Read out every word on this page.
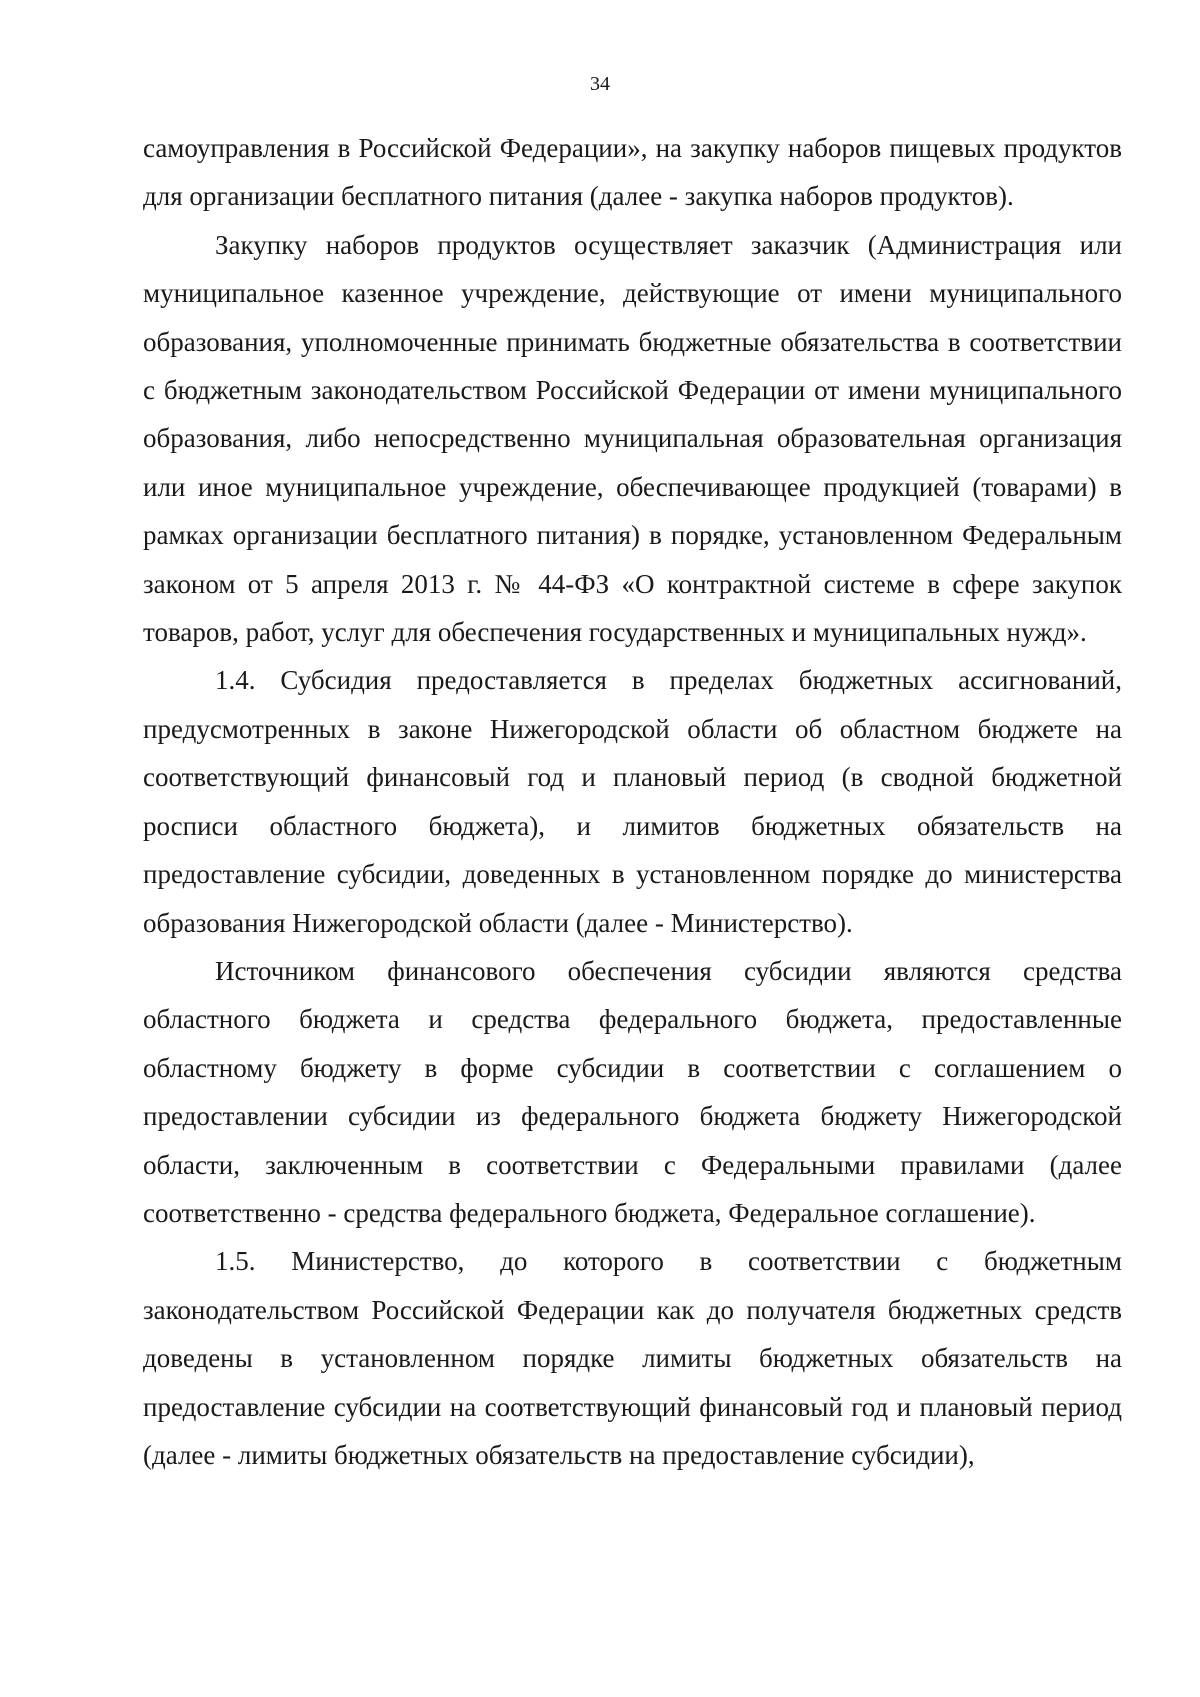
34

самоуправления в Российской Федерации», на закупку наборов пищевых продуктов для организации бесплатного питания (далее - закупка наборов продуктов).

Закупку наборов продуктов осуществляет заказчик (Администрация или муниципальное казенное учреждение, действующие от имени муниципального образования, уполномоченные принимать бюджетные обязательства в соответствии с бюджетным законодательством Российской Федерации от имени муниципального образования, либо непосредственно муниципальная образовательная организация или иное муниципальное учреждение, обеспечивающее продукцией (товарами) в рамках организации бесплатного питания) в порядке, установленном Федеральным законом от 5 апреля 2013 г. № 44-ФЗ «О контрактной системе в сфере закупок товаров, работ, услуг для обеспечения государственных и муниципальных нужд».

1.4. Субсидия предоставляется в пределах бюджетных ассигнований, предусмотренных в законе Нижегородской области об областном бюджете на соответствующий финансовый год и плановый период (в сводной бюджетной росписи областного бюджета), и лимитов бюджетных обязательств на предоставление субсидии, доведенных в установленном порядке до министерства образования Нижегородской области (далее - Министерство).

Источником финансового обеспечения субсидии являются средства областного бюджета и средства федерального бюджета, предоставленные областному бюджету в форме субсидии в соответствии с соглашением о предоставлении субсидии из федерального бюджета бюджету Нижегородской области, заключенным в соответствии с Федеральными правилами (далее соответственно - средства федерального бюджета, Федеральное соглашение).

1.5. Министерство, до которого в соответствии с бюджетным законодательством Российской Федерации как до получателя бюджетных средств доведены в установленном порядке лимиты бюджетных обязательств на предоставление субсидии на соответствующий финансовый год и плановый период (далее - лимиты бюджетных обязательств на предоставление субсидии),
